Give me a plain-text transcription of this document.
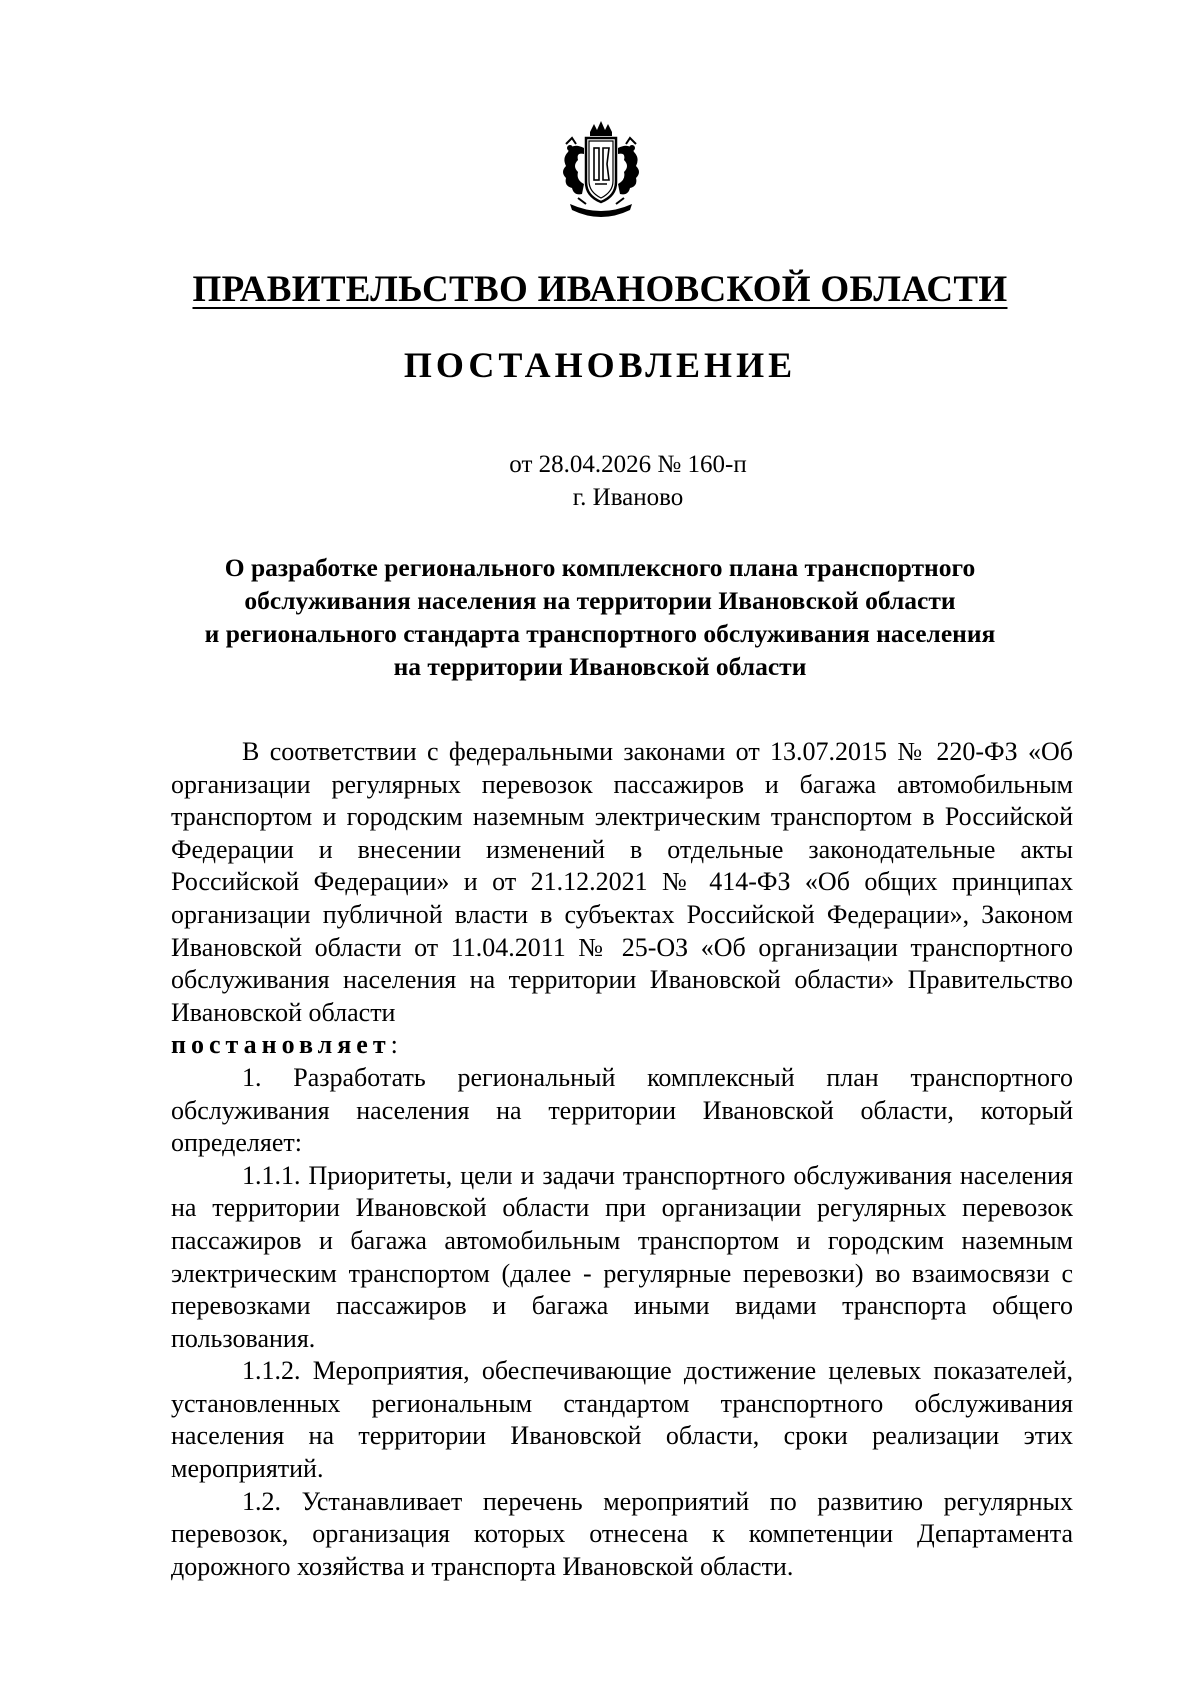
ПРАВИТЕЛЬСТВО ИВАНОВСКОЙ ОБЛАСТИ
ПОСТАНОВЛЕНИЕ
от 28.04.2026 № 160-п
г. Иваново
О разработке регионального комплексного плана транспортного
обслуживания населения на территории Ивановской области
и регионального стандарта транспортного обслуживания населения
на территории Ивановской области

В соответствии с федеральными законами от 13.07.2015 № 220-ФЗ «Об организации регулярных перевозок пассажиров и багажа автомобильным транспортом и городским наземным электрическим транспортом в Российской Федерации и внесении изменений в отдельные законодательные акты Российской Федерации» и от 21.12.2021 № 414-ФЗ «Об общих принципах организации публичной власти в субъектах Российской Федерации», Законом Ивановской области от 11.04.2011 № 25-ОЗ «Об организации транспортного обслуживания населения на территории Ивановской области» Правительство Ивановской области
постановляет:

1. Разработать региональный комплексный план транспортного обслуживания населения на территории Ивановской области, который определяет:

1.1.1. Приоритеты, цели и задачи транспортного обслуживания населения на территории Ивановской области при организации регулярных перевозок пассажиров и багажа автомобильным транспортом и городским наземным электрическим транспортом (далее - регулярные перевозки) во взаимосвязи с перевозками пассажиров и багажа иными видами транспорта общего пользования.

1.1.2. Мероприятия, обеспечивающие достижение целевых показателей, установленных региональным стандартом транспортного обслуживания населения на территории Ивановской области, сроки реализации этих мероприятий.

1.2. Устанавливает перечень мероприятий по развитию регулярных перевозок, организация которых отнесена к компетенции Департамента дорожного хозяйства и транспорта Ивановской области.
